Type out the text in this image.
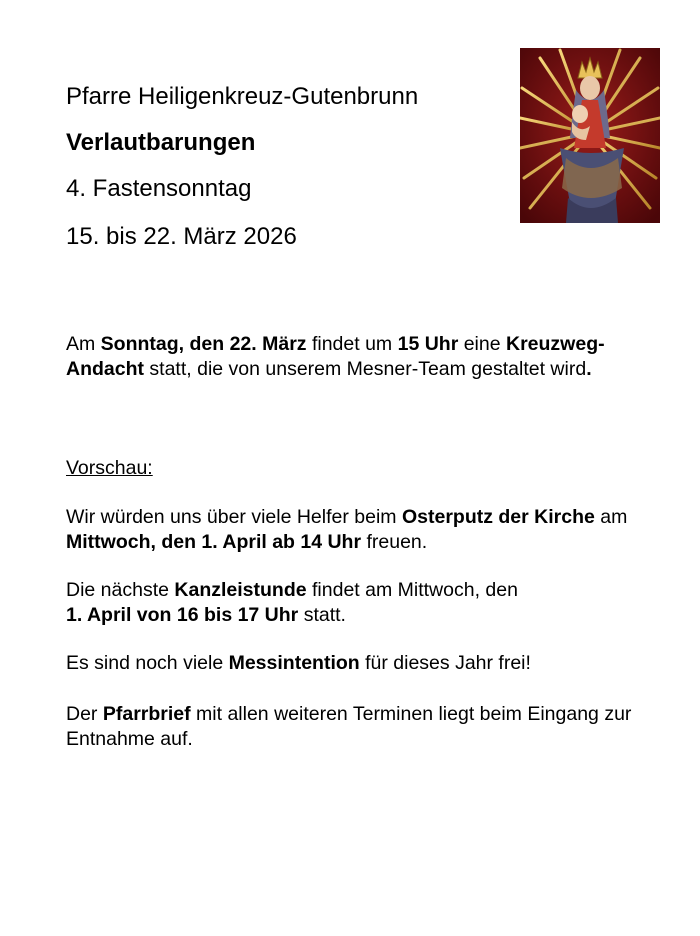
Pfarre Heiligenkreuz-Gutenbrunn
Verlautbarungen
4. Fastensonntag
15. bis 22. März 2026

Am Sonntag, den 22. März findet um 15 Uhr eine Kreuzweg-Andacht statt, die von unserem Mesner-Team gestaltet wird.

Vorschau:

Wir würden uns über viele Helfer beim Osterputz der Kirche am Mittwoch, den 1. April ab 14 Uhr freuen.

Die nächste Kanzleistunde findet am Mittwoch, den
1. April von 16 bis 17 Uhr statt.

Es sind noch viele Messintention für dieses Jahr frei!

Der Pfarrbrief mit allen weiteren Terminen liegt beim Eingang zur Entnahme auf.
